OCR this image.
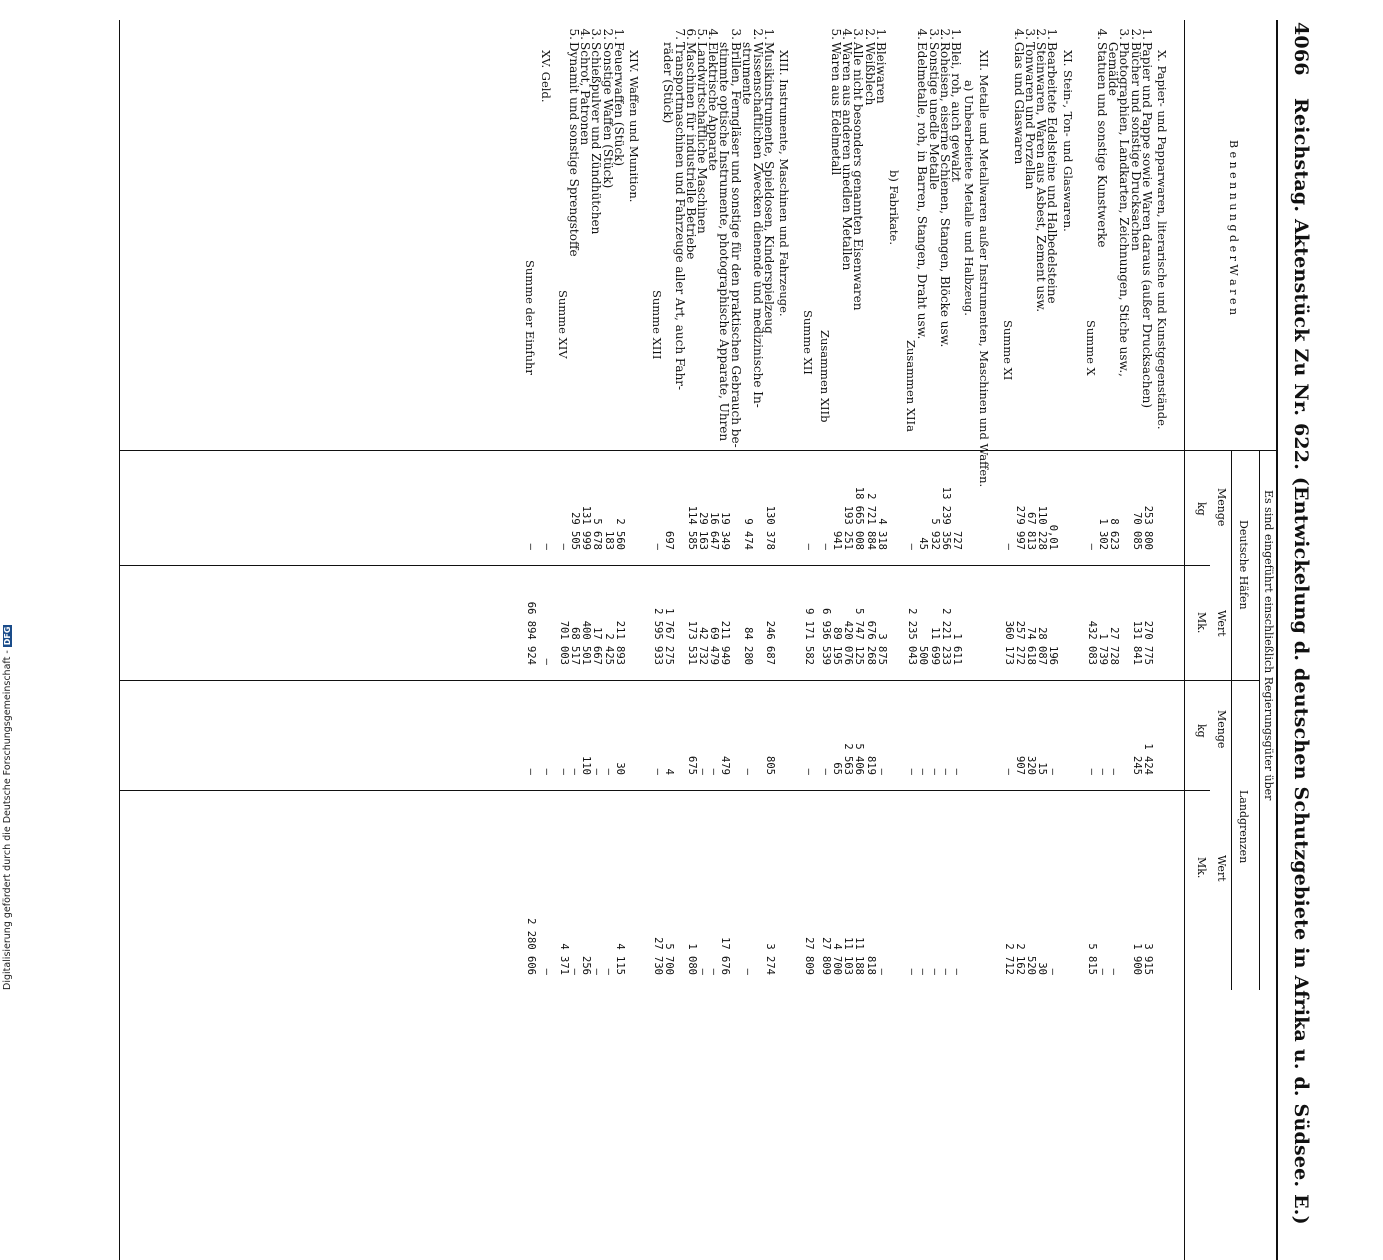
Digitalisierung gefördert durch die Deutsche Forschungsgemeinschaft -DFG
4066
Reichstag. Aktenstück Zu Nr. 622. (Entwickelung d. deutschen Schutzgebiete in Afrika u. d. Südsee. E.)
B e n e n n u n g d e r W a r e n
Es sind eingeführt einschließlich Regierungsgüter über
Deutsche Häfen
Landgrenzen
Menge
kg
Wert
Mk.
Menge
kg
Wert
Mk.
X. Papier- und Papparwaren, literarische und Kunstgegenstände.
1.
Papier und Pappe sowie Waren daraus (außer Drucksachen)
253 800
270 775
1 424
3 915
2.
Bücher und sonstige Drucksachen
70 085
131 841
245
1 900
3.
Photographien, Landkarten, Zeichnungen, Stiche usw.,
Gemälde
8 623
27 728
—
—
4.
Statuen und sonstige Kunstwerke
1 302
1 739
—
—
Summe X
—
432 083
—
5 815
XI. Stein-, Ton- und Glaswaren.
1.
Bearbeitete Edelsteine und Halbedelsteine
0,01
196
—
—
2.
Steinwaren, Waren aus Asbest, Zement usw.
110 228
28 087
15
30
3.
Tonwaren und Porzellan
67 813
74 618
320
520
4.
Glas und Glaswaren
279 997
257 272
907
2 162
Summe XI
—
360 173
—
2 712
XII. Metalle und Metallwaren außer Instrumenten, Maschinen und Waffen.
a) Unbearbeitete Metalle und Halbzeug.
1.
Blei, roh, auch gewalzt
727
1 611
—
—
2.
Roheisen, eiserne Schienen, Stangen, Blöcke usw.
13 239 356
2 221 233
—
—
3.
Sonstige unedle Metalle
5 932
11 699
—
—
4.
Edelmetalle, roh, in Barren, Stangen, Draht usw.
45
500
—
—
Zusammen XIIa
—
2 235 043
—
—
b) Fabrikate.
1.
Bleiwaren
4 318
3 875
—
—
2.
Weißblech
2 721 884
676 268
819
818
3.
Alle nicht besonders genannten Eisenwaren
18 665 008
5 747 125
5 406
11 188
4.
Waren aus anderen unedlen Metallen
193 251
420 076
2 563
11 103
5.
Waren aus Edelmetall
941
89 195
65
4 700
Zusammen XIIb
—
6 936 539
—
27 809
Summe XII
—
9 171 582
—
27 809
XIII. Instrumente, Maschinen und Fahrzeuge.
1.
Musikinstrumente, Spieldosen, Kinderspielzeug
130 378
246 687
805
3 274
2.
Wissenschaftlichen Zwecken dienende und medizinische In-
strumente
9 474
84 280
—
—
3.
Brillen, Ferngläser und sonstige für den praktischen Gebrauch be-
stimmte optische Instrumente, photographische Apparate, Uhren
19 349
211 949
479
17 676
4.
Elektrische Apparate
16 647
69 479
—
—
5.
Landwirtschaftliche Maschinen
29 163
42 732
—
—
6.
Maschinen für industrielle Betriebe
114 585
173 531
675
1 080
7.
Transportmaschinen und Fahrzeuge aller Art, auch Fahr-
räder (Stück)
697
1 767 275
4
5 700
Summe XIII
—
2 595 933
—
27 730
XIV. Waffen und Munition.
1.
Feuerwaffen (Stück)
2 560
211 893
30
4 115
2.
Sonstige Waffen (Stück)
183
2 425
—
—
3.
Schießpulver und Zündhütchen
5 678
17 667
—
—
4.
Schrot, Patronen
131 999
400 501
110
256
5.
Dynamit und sonstige Sprengstoffe
29 505
68 517
—
—
Summe XIV
—
701 003
—
4 371
XV. Geld.
—
—
—
—
Summe der Einfuhr
—
66 894 924
—
2 280 606
